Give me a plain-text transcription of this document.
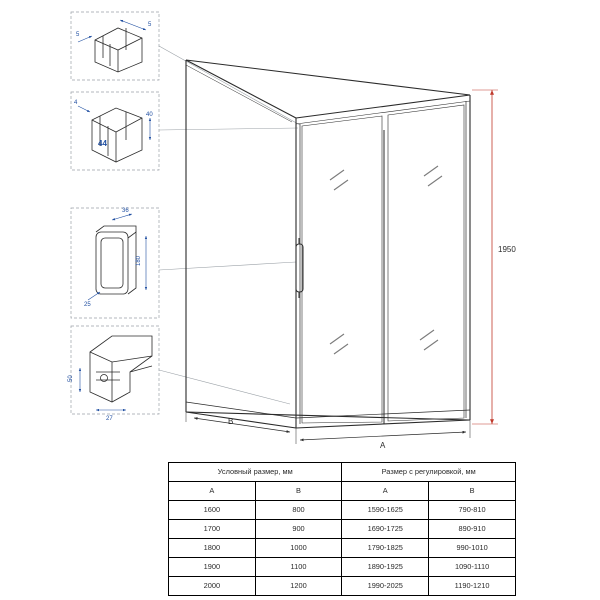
5
5
4
40
44
36
180
25
50
27
1950
A
B
Условный размер, мм		Размер с регулировкой, мм	
A	B	A	B
1600	800	1590-1625	790-810
1700	900	1690-1725	890-910
1800	1000	1790-1825	990-1010
1900	1100	1890-1925	1090-1110
2000	1200	1990-2025	1190-1210
